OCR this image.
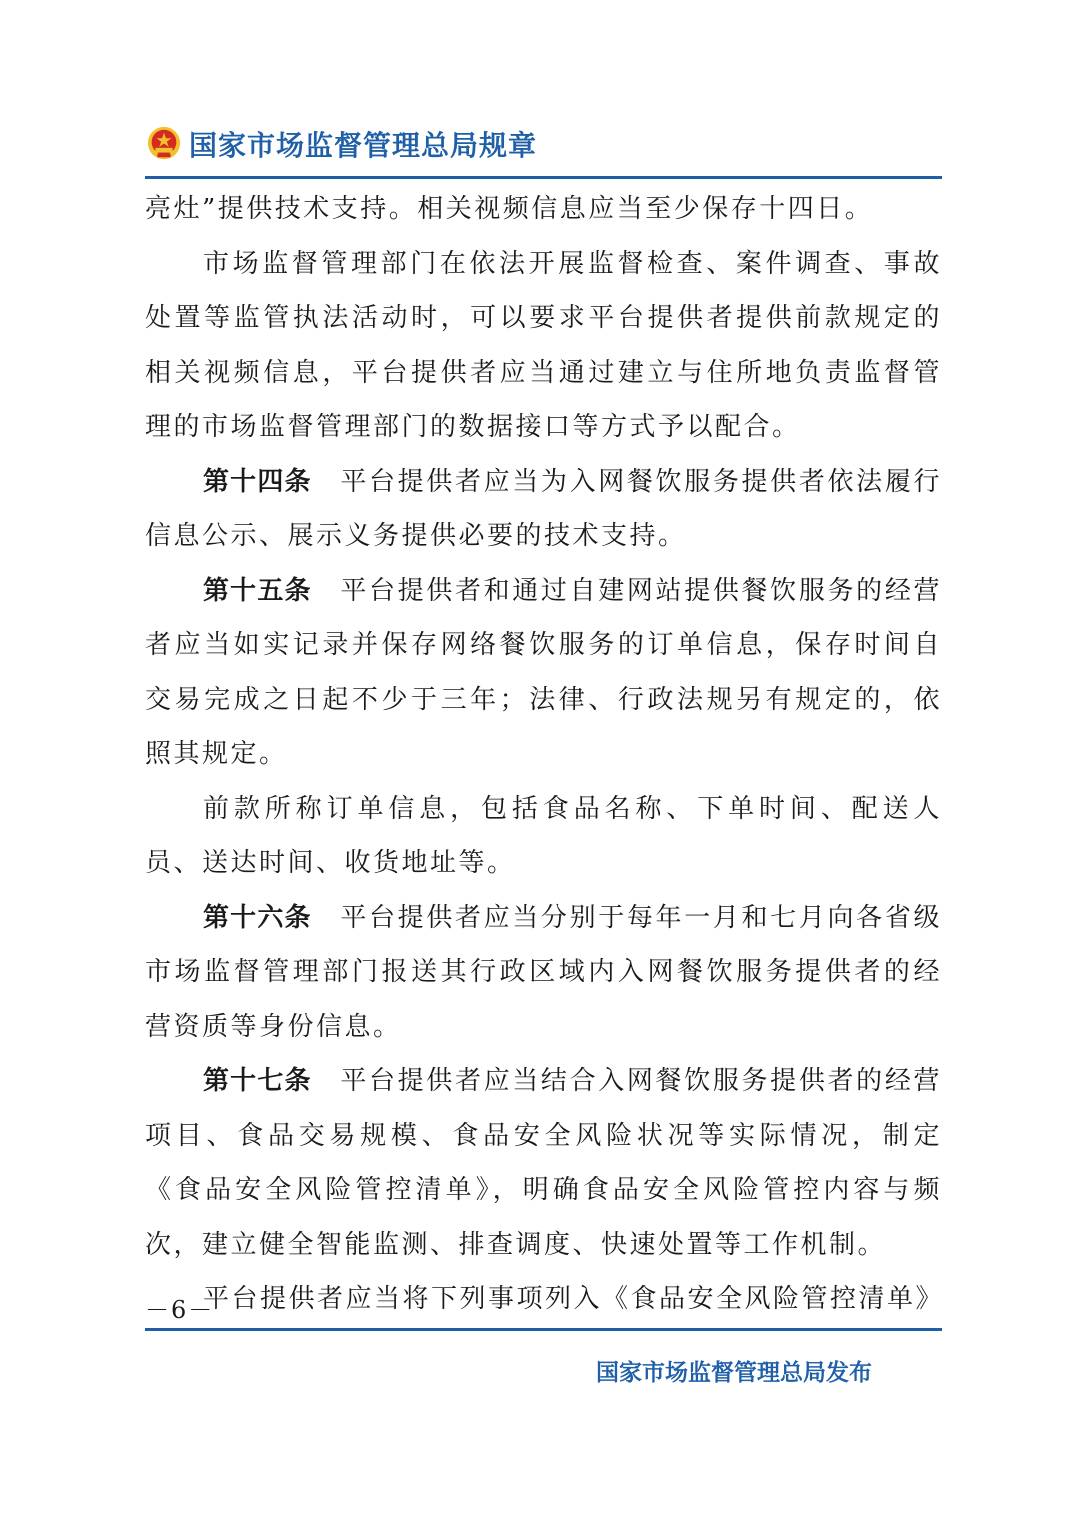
国家市场监督管理总局规章

亮灶”提供技术支持。相关视频信息应当至少保存十四日。

市场监督管理部门在依法开展监督检查、案件调查、事故处置等监管执法活动时，可以要求平台提供者提供前款规定的相关视频信息，平台提供者应当通过建立与住所地负责监督管理的市场监督管理部门的数据接口等方式予以配合。

第十四条　 平台提供者应当为入网餐饮服务提供者依法履行信息公示、展示义务提供必要的技术支持。

第十五条　 平台提供者和通过自建网站提供餐饮服务的经营者应当如实记录并保存网络餐饮服务的订单信息，保存时间自交易完成之日起不少于三年；法律、行政法规另有规定的，依照其规定。

前款所称订单信息，包括食品名称、下单时间、配送人员、送达时间、收货地址等。

第十六条　 平台提供者应当分别于每年一月和七月向各省级市场监督管理部门报送其行政区域内入网餐饮服务提供者的经营资质等身份信息。

第十七条　 平台提供者应当结合入网餐饮服务提供者的经营项目、食品交易规模、食品安全风险状况等实际情况，制定《食品安全风险管控清单》，明确食品安全风险管控内容与频次，建立健全智能监测、排查调度、快速处置等工作机制。

平台提供者应当将下列事项列入《食品安全风险管控清单》

－6－
国家市场监督管理总局发布
